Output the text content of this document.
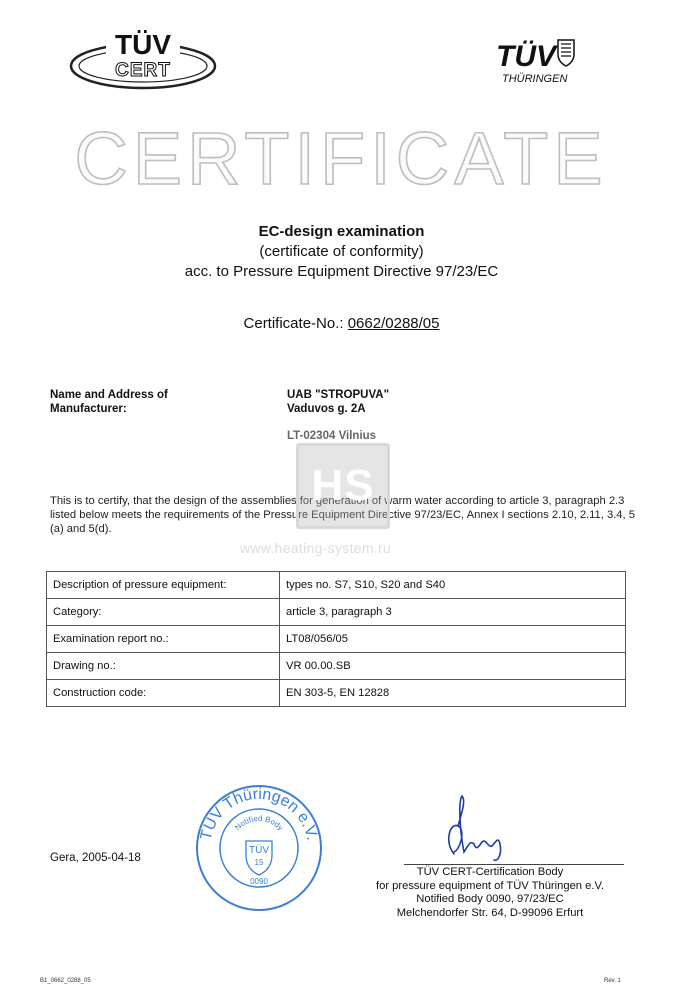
TÜV
CERT	TÜV
THÜRINGEN
CERTIFICATE
EC-design examination
(certificate of conformity)
acc. to Pressure Equipment Directive 97/23/EC
Certificate-No.: 0662/0288/05
Name and Address of
Manufacturer:
UAB "STROPUVA"
Vaduvos g. 2A
LT-02304 Vilnius
This is to certify, that the design of the assemblies for generation of warm water according to article 3, paragraph 2.3 listed below meets the requirements of the Pressure Equipment Directive 97/23/EC, Annex I sections 2.10, 2.11, 3.4, 5 (a) and 5(d).
HS
www.heating-system.ru
Description of pressure equipment:	types no. S7, S10, S20 and S40
Category:	article 3, paragraph 3
Examination report no.:	LT08/056/05
Drawing no.:	VR 00.00.SB
Construction code:	EN 303-5, EN 12828
TÜV Thüringen e.V.
Notified Body
TÜV
15
0090
Gera, 2005-04-18
TÜV CERT-Certification Body
for pressure equipment of TÜV Thüringen e.V.
Notified Body 0090, 97/23/EC
Melchendorfer Str. 64, D-99096 Erfurt
B1_0662_0288_05	Rev. 1
